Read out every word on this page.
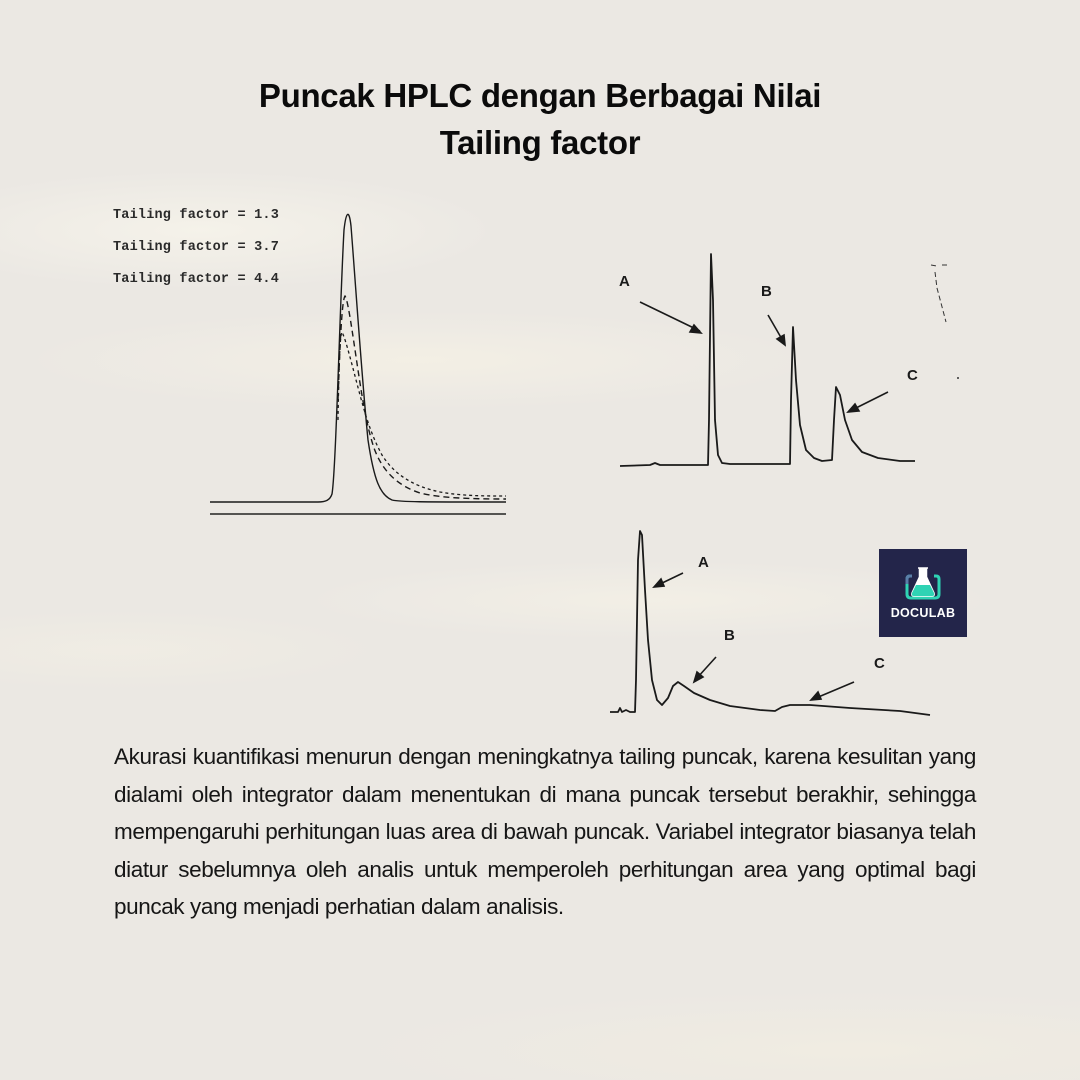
Puncak HPLC dengan Berbagai Nilai
Tailing factor
Tailing factor = 1.3
Tailing factor = 3.7
Tailing factor = 4.4	A
B
C
A
B
C
DOCULAB
Akurasi kuantifikasi menurun dengan meningkatnya tailing puncak, karena kesulitan yang dialami oleh integrator dalam menentukan di mana puncak tersebut berakhir, sehingga mempengaruhi perhitungan luas area di bawah puncak. Variabel integrator biasanya telah diatur sebelumnya oleh analis untuk memperoleh perhitungan area yang optimal bagi puncak yang menjadi perhatian dalam analisis.
